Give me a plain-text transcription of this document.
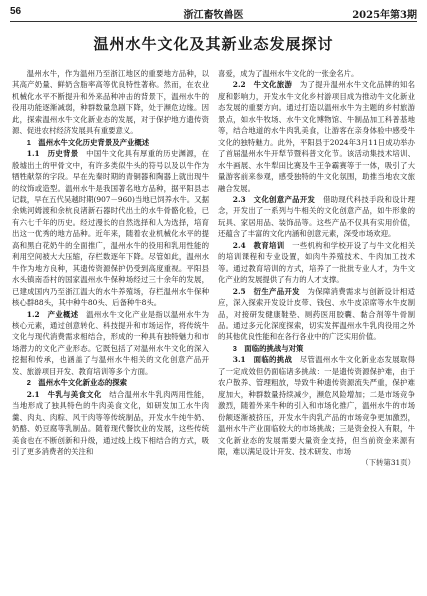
56	浙江畜牧兽医	2025年第3期
温州水牛文化及其新业态发展探讨

温州水牛，作为温州乃至浙江地区的重要地方品种，以其高产奶量、鲜奶含脂率高等优良特性著称。然而，在农业机械化水平不断提升和外来品种冲击的背景下，温州水牛的役用功能逐渐减弱，种群数量急剧下降，处于濒危边缘。因此，探索温州水牛文化新业态的发展，对于保护地方遗传资源、促进农村经济发展具有重要意义。

1　温州水牛文化历史背景及产业概述

1.1　历史背景　 中国牛文化具有厚重的历史渊源，在殷墟出土的甲骨文中，有许多类似牛头的符号以及以牛作为牺牲献祭的字段。早在先秦时期的青铜器和陶器上就出现牛的纹饰或造型。温州水牛是我国著名地方品种，据平阳县志记载，早在五代吴越时期(907－960)当地已饲养水牛。又据余姚河姆渡和余杭良渚新石器时代出土的水牛骨骼化验，已有六七千年的历史。经过漫长的自然选择和人为选择，培育出这一优秀的地方品种。近年来，随着农业机械化水平的提高和黑白花奶牛的全面推广，温州水牛的役用和乳用性能的利用空间被大大压缩，存栏数逐年下降。尽管如此，温州水牛作为地方良种，其遗传资源保护仍受到高度重视。平阳县水头镇南岙村的国家温州水牛保种场经过三十余年的发展，已建成国内乃至浙江温大的水牛养殖场，存栏温州水牛保种核心群88头，其中种牛80头、后备种牛8头。

1.2　产业概述　 温州水牛文化产业是指以温州水牛为核心元素，通过创意转化、科技提升和市场运作，将传统牛文化与现代消费需求相结合，形成的一种具有独特魅力和市场潜力的文化产业形态。它既包括了对温州水牛文化的深入挖掘和传承，也涵盖了与温州水牛相关的文化创意产品开发、旅游项目开发、教育培训等多个方面。

2　温州水牛文化新业态的探索

2.1　牛乳与美食文化　 结合温州水牛乳肉两用性能，当地形成了独具特色的牛肉美食文化，如研发加工水牛肉羹、肉丸、肉粽、风干肉等等传统制品，开发水牛纯牛奶、奶酪、奶豆腐等乳制品。随着现代餐饮业的发展，这些传统美食也在不断创新和升级，通过线上线下相结合的方式，吸引了更多消费者的关注和

喜爱，成为了温州水牛文化的一张金名片。

2.2　牛文化旅游　 为了提升温州水牛文化品牌的知名度和影响力，开发水牛文化乡村游项目成为推动牛文化新业态发展的重要方向。通过打造以温州水牛为主题的乡村旅游景点，如水牛牧场、水牛文化博物馆、牛制品加工科普基地等，结合地道的水牛肉乳美食，让游客在亲身体验中感受牛文化的独特魅力。此外，平阳县于2024年3月11日成功举办了首届温州水牛开犁节暨科普文化节。该活动集技术培训、水牛画展、水牛犁田比赛及牛王争霸赛等于一体，吸引了大量游客前来参观，感受独特的牛文化氛围，助推当地农文旅融合发展。

2.3　文化创意产品开发　 借助现代科技手段和设计理念，开发出了一系列与牛相关的文化创意产品，如牛形象的玩具、家居用品、装饰品等。这些产品不仅具有实用价值，还蕴含了丰富的文化内涵和创意元素，深受市场欢迎。

2.4　教育培训　 一些机构和学校开设了与牛文化相关的培训课程和专业设置，如肉牛养殖技术、牛肉加工技术等。通过教育培训的方式，培养了一批批专业人才，为牛文化产业的发展提供了有力的人才支撑。

2.5　衍生产品开发　 为保障消费需求与创新设计相适应，深入探索开发设计皮带、钱包、水牛皮凉席等水牛皮制品，对接研发健康鞋垫、厕药医用胶囊、黏合剂等牛骨制品。通过多元化深度探索，切实发挥温州水牛乳肉役用之外的其他优良性能和在各行各业中的广泛实用价值。

3　面临的挑战与对策

3.1　面临的挑战　 尽管温州水牛文化新业态发展取得了一定成效但仍面临诸多挑战：一是遗传资源保护难，由于农户散养、管理粗放，导致牛种遗传资源流失严重，保护难度加大，种群数量持续减少，濒危风险增加；二是市场竞争激烈，随着外来牛种的引入和市场化推广，温州水牛的市场份额逐渐被挤压，开发水牛肉乳产品的市场竞争更加激烈，温州水牛产业面临较大的市场挑战；三是资金投入有限，牛文化新业态的发展需要大量资金支持，但当前资金来源有限，难以满足设计开发、技术研发、市场

（下转第31页）
